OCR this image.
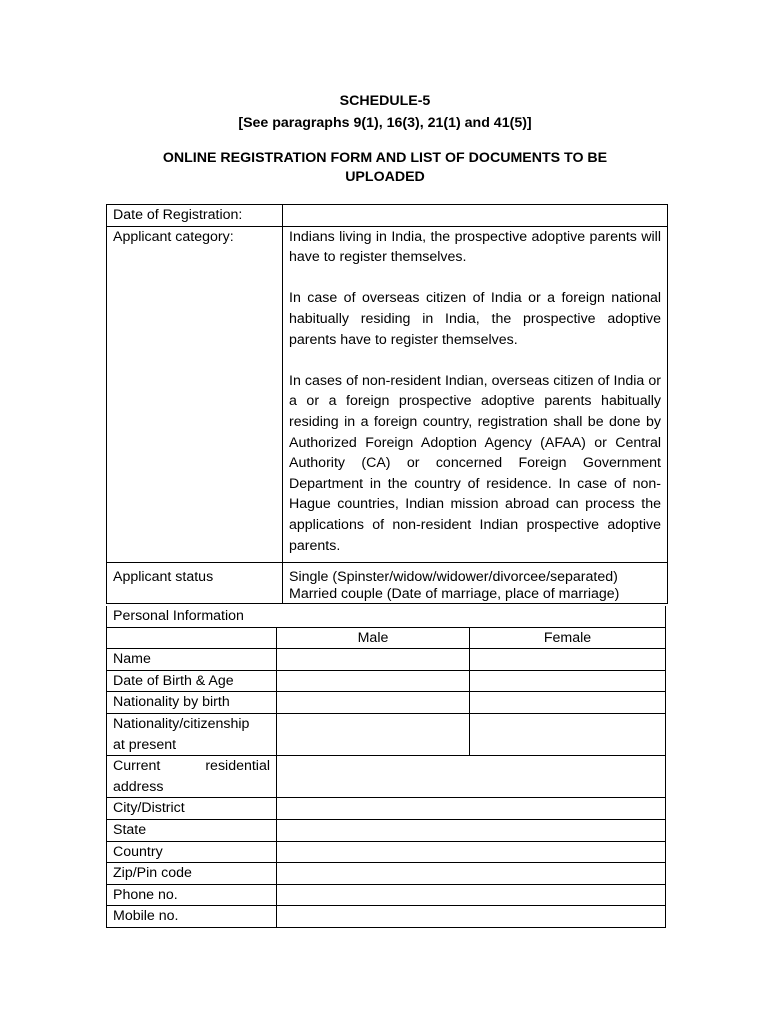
SCHEDULE-5
[See paragraphs 9(1), 16(3), 21(1) and 41(5)]
ONLINE REGISTRATION FORM AND LIST OF DOCUMENTS TO BE
UPLOADED
Date of Registration:	
Applicant category:	Indians living in India, the prospective adoptive parents will have to register themselves.

In case of overseas citizen of India or a foreign national habitually residing in India, the prospective adoptive parents have to register themselves.

In cases of non-resident Indian, overseas citizen of India or a or a foreign prospective adoptive parents habitually residing in a foreign country, registration shall be done by Authorized Foreign Adoption Agency (AFAA) or Central Authority (CA) or concerned Foreign Government Department in the country of residence. In case of non-Hague countries, Indian mission abroad can process the applications of non-resident Indian prospective adoptive parents.

Applicant status	Single (Spinster/widow/widower/divorcee/separated)
Married couple (Date of marriage, place of marriage)
Personal Information		
	Male	Female
Name		
Date of Birth & Age		
Nationality by birth		

Nationality/citizenship
at present		

Current residential
address		

City/District		
State		
Country		
Zip/Pin code		
Phone no.		
Mobile no.		
